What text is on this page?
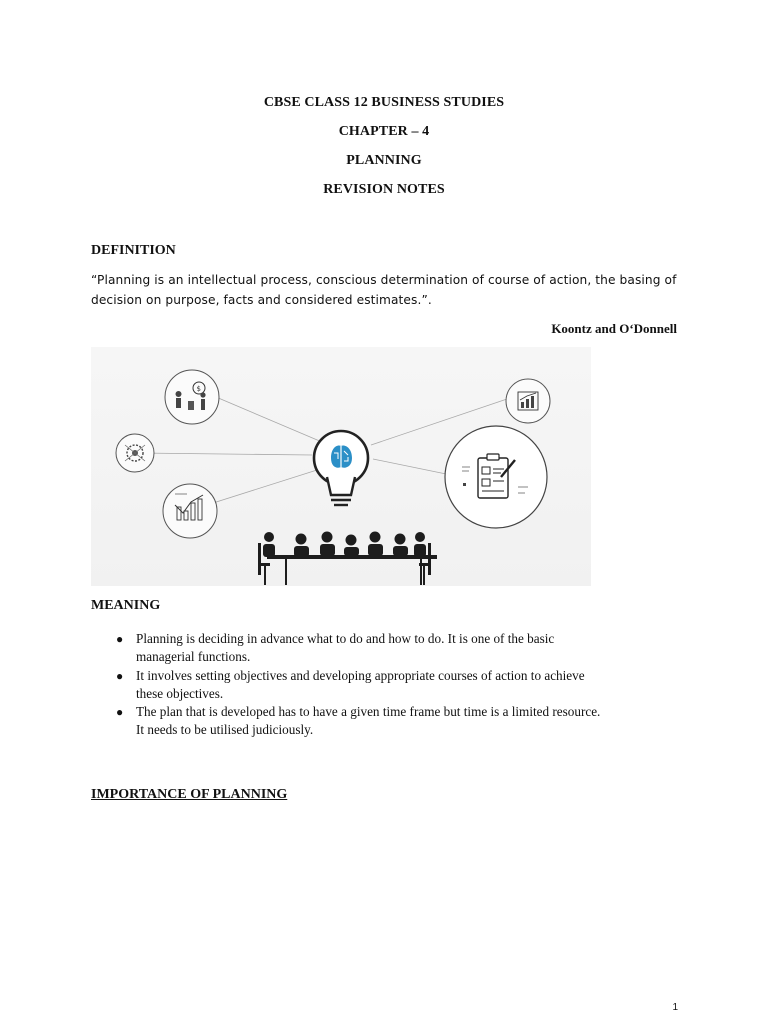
CBSE CLASS 12 BUSINESS STUDIES
CHAPTER – 4
PLANNING
REVISION NOTES
DEFINITION
“Planning is an intellectual process, conscious determination of course of action, the basing of
decision on purpose, facts and considered estimates.”.
Koontz and O‘Donnell
$
MEANING
● Planning is deciding in advance what to do and how to do. It is one of the basic
managerial functions.
● It involves setting objectives and developing appropriate courses of action to achieve
these objectives.
● The plan that is developed has to have a given time frame but time is a limited resource.
It needs to be utilised judiciously.
IMPORTANCE OF PLANNING
1
